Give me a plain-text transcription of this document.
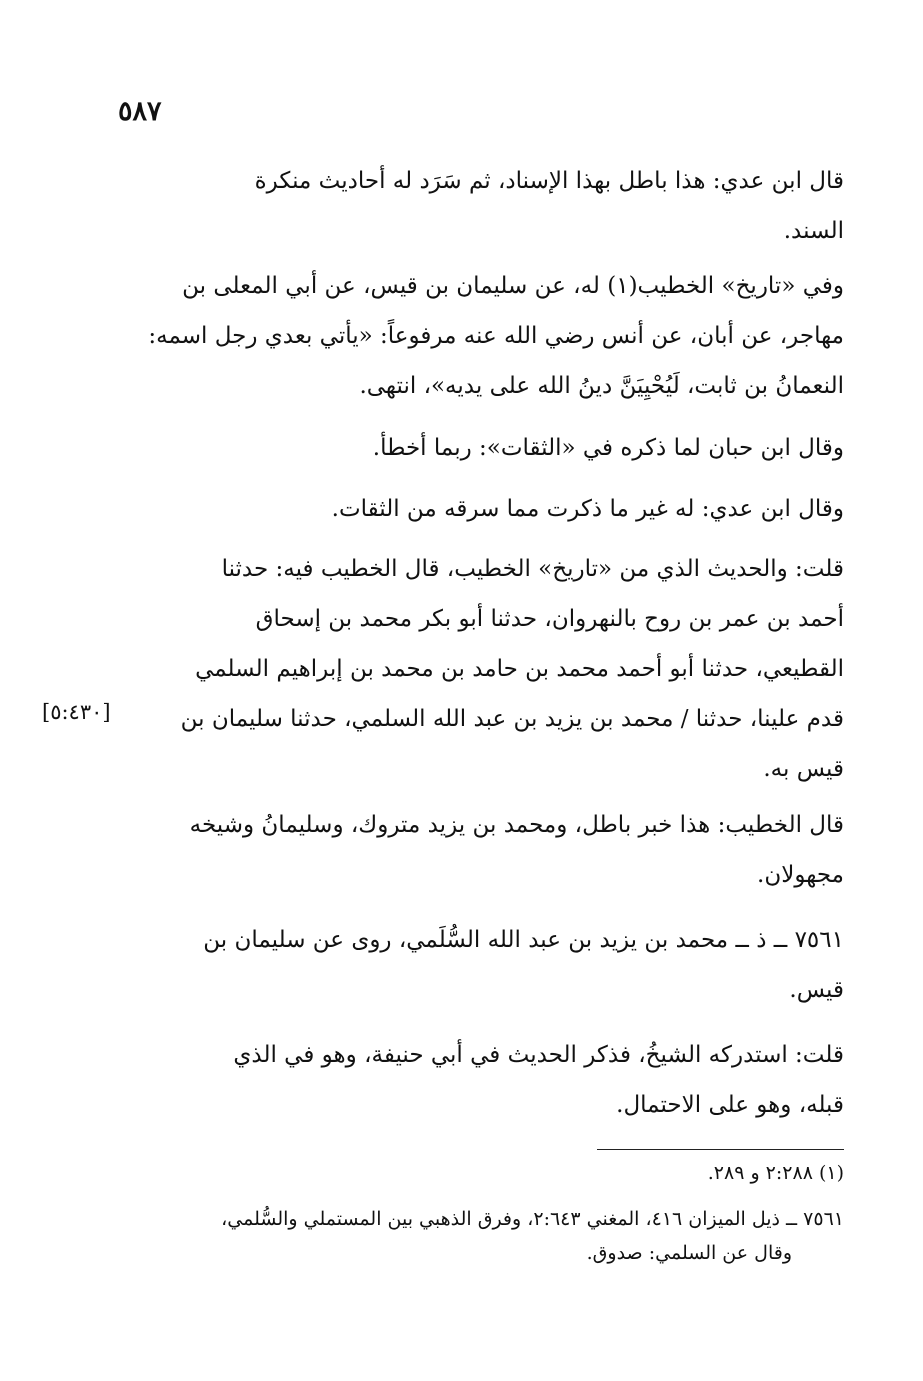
٥٨٧

قال ابن عدي: هذا باطل بهذا الإسناد، ثم سَرَد له أحاديث منكرة
السند.

وفي «تاريخ» الخطيب(١) له، عن سليمان بن قيس، عن أبي المعلى بن
مهاجر، عن أبان، عن أنس رضي الله عنه مرفوعاً: «يأتي بعدي رجل اسمه:
النعمانُ بن ثابت، لَيُحْيِيَنَّ دينُ الله على يديه»، انتهى.

وقال ابن حبان لما ذكره في «الثقات»: ربما أخطأ.

وقال ابن عدي: له غير ما ذكرت مما سرقه من الثقات.

قلت: والحديث الذي من «تاريخ» الخطيب، قال الخطيب فيه: حدثنا
أحمد بن عمر بن روح بالنهروان، حدثنا أبو بكر محمد بن إسحاق
القطيعي، حدثنا أبو أحمد محمد بن حامد بن محمد بن إبراهيم السلمي
قدم علينا، حدثنا / محمد بن يزيد بن عبد الله السلمي، حدثنا سليمان بن
قيس به.

[٥:٤٣٠]

قال الخطيب: هذا خبر باطل، ومحمد بن يزيد متروك، وسليمانُ وشيخه
مجهولان.

٧٥٦١ ــ ذ ــ محمد بن يزيد بن عبد الله السُّلَمي، روى عن سليمان بن
قيس.

قلت: استدركه الشيخُ، فذكر الحديث في أبي حنيفة، وهو في الذي
قبله، وهو على الاحتمال.

(١) ٢:٢٨٨ و ٢٨٩.

٧٥٦١ ــ ذيل الميزان ٤١٦، المغني ٢:٦٤٣، وفرق الذهبي بين المستملي والسُّلمي،
وقال عن السلمي: صدوق.
